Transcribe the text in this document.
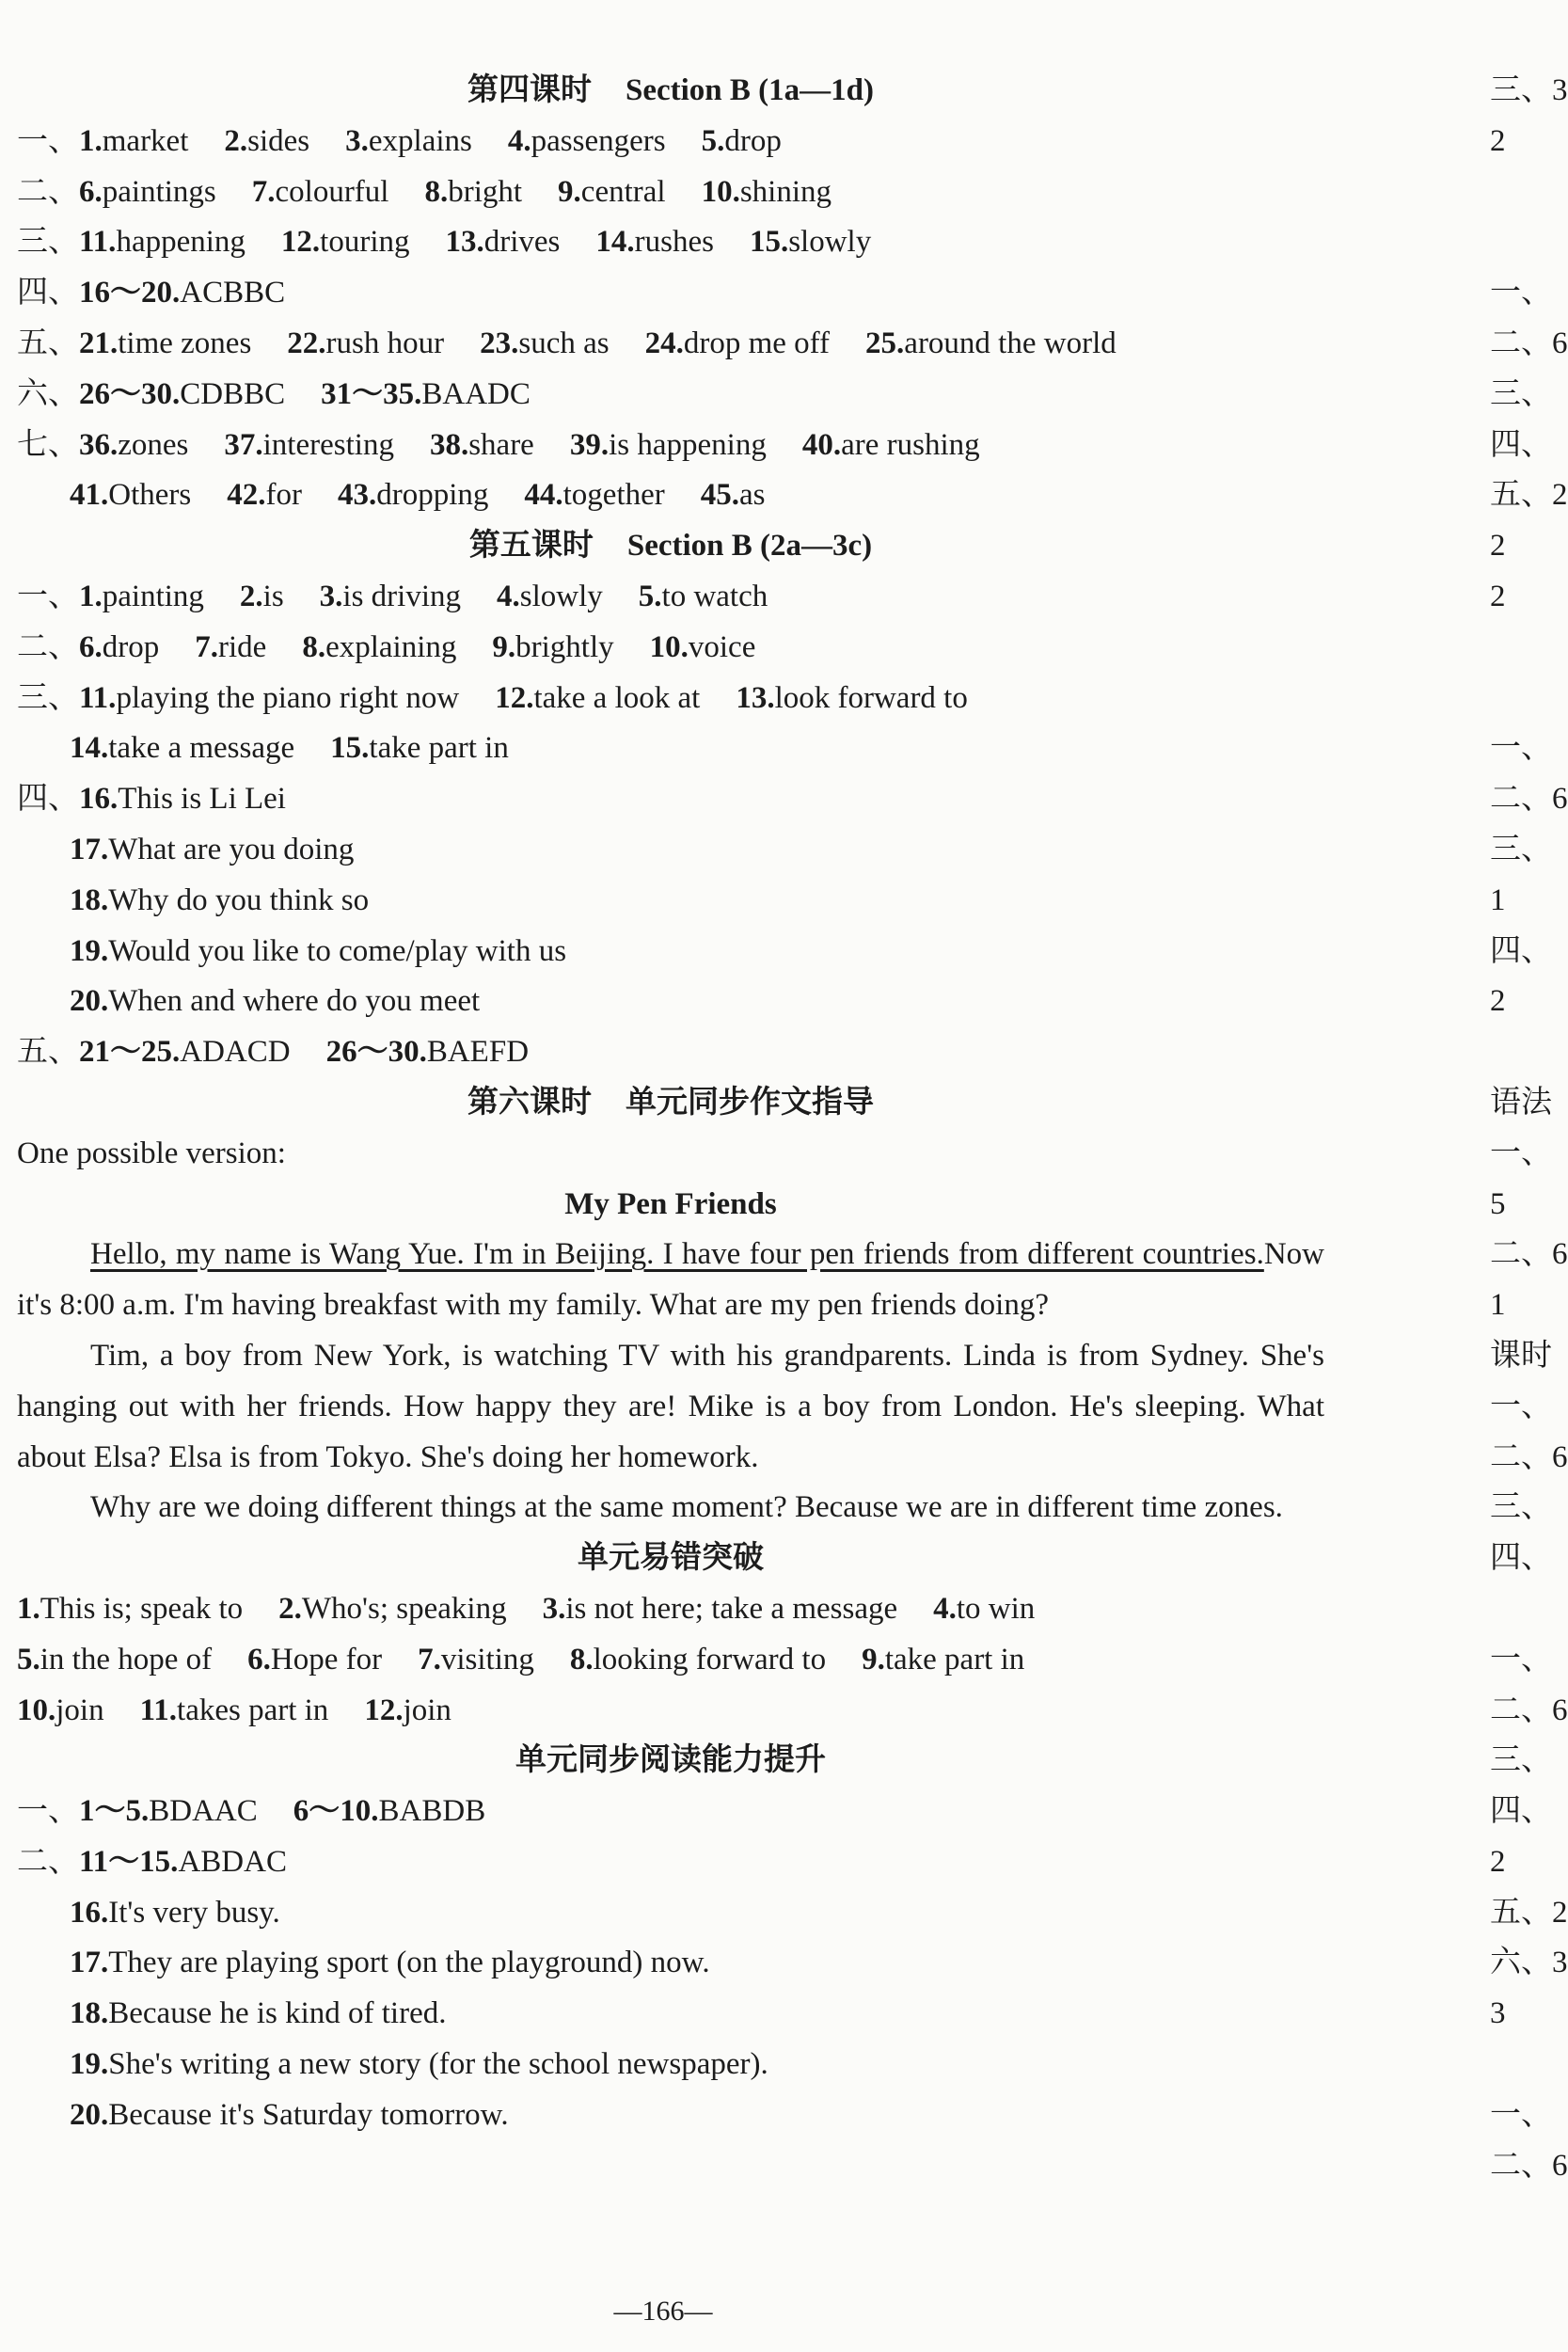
第四课时 Section B (1a—1d)
一、1.market 2.sides 3.explains 4.passengers 5.drop
二、6.paintings 7.colourful 8.bright 9.central 10.shining
三、11.happening 12.touring 13.drives 14.rushes 15.slowly
四、16～20.ACBBC
五、21.time zones 22.rush hour 23.such as 24.drop me off 25.around the world
六、26～30.CDBBC 31～35.BAADC
七、36.zones 37.interesting 38.share 39.is happening 40.are rushing
41.Others 42.for 43.dropping 44.together 45.as
第五课时 Section B (2a—3c)
一、1.painting 2.is 3.is driving 4.slowly 5.to watch
二、6.drop 7.ride 8.explaining 9.brightly 10.voice
三、11.playing the piano right now 12.take a look at 13.look forward to
14.take a message 15.take part in
四、16.This is Li Lei
17.What are you doing
18.Why do you think so
19.Would you like to come/play with us
20.When and where do you meet
五、21～25.ADACD 26～30.BAEFD
第六课时 单元同步作文指导
One possible version:
My Pen Friends

Hello, my name is Wang Yue. I'm in Beijing. I have four pen friends from different countries.Now it's 8:00 a.m. I'm having breakfast with my family. What are my pen friends doing?

Tim, a boy from New York, is watching TV with his grandparents. Linda is from Sydney. She's hanging out with her friends. How happy they are! Mike is a boy from London. He's sleeping. What about Elsa? Elsa is from Tokyo. She's doing her homework.

Why are we doing different things at the same moment? Because we are in different time zones.

单元易错突破
1.This is; speak to 2.Who's; speaking 3.is not here; take a message 4.to win
5.in the hope of 6.Hope for 7.visiting 8.looking forward to 9.take part in
10.join 11.takes part in 12.join
单元同步阅读能力提升
一、1～5.BDAAC 6～10.BABDB
二、11～15.ABDAC
16.It's very busy.
17.They are playing sport (on the playground) now.
18.Because he is kind of tired.
19.She's writing a new story (for the school newspaper).
20.Because it's Saturday tomorrow.
—166—
三、3
2
一、
二、6
三、
四、
五、2
2
2
一、
二、6
三、
1
四、
2
语法
一、
5
二、6
1
课时
一、
二、6
三、
四、
一、
二、6
三、
四、
2
五、2
六、3
3
一、
二、6
